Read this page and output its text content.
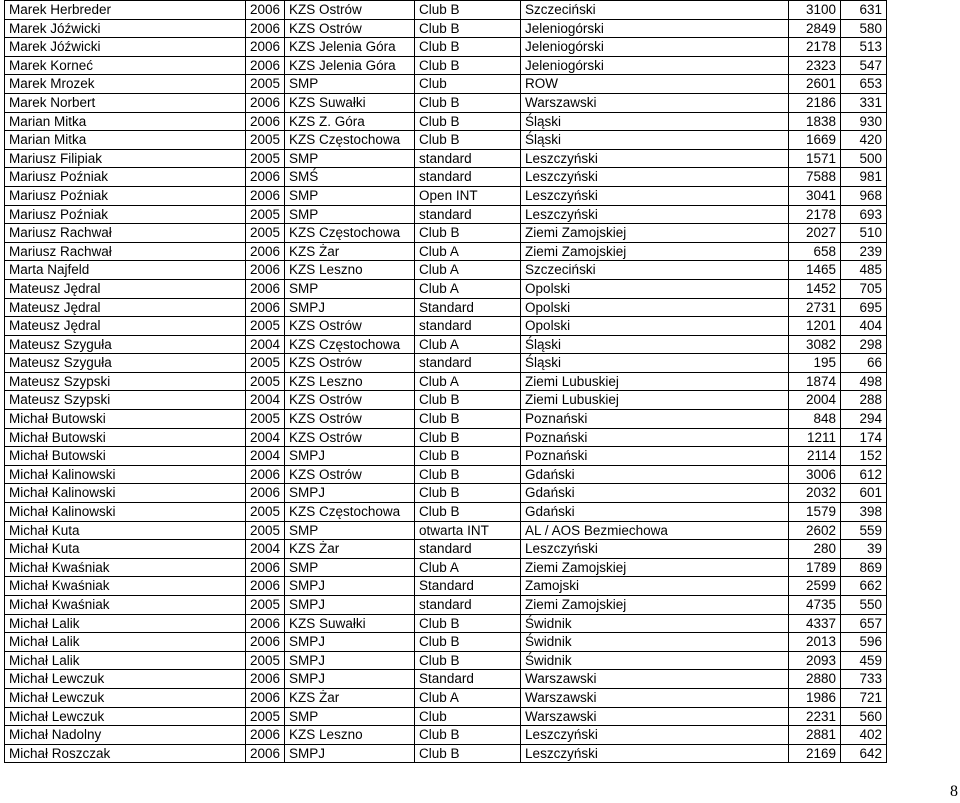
Marek Herbreder	2006	KZS Ostrów	Club B	Szczeciński	3100	631
Marek Jóźwicki	2006	KZS Ostrów	Club B	Jeleniogórski	2849	580
Marek Jóźwicki	2006	KZS Jelenia Góra	Club B	Jeleniogórski	2178	513
Marek Korneć	2006	KZS Jelenia Góra	Club B	Jeleniogórski	2323	547
Marek Mrozek	2005	SMP	Club	ROW	2601	653
Marek Norbert	2006	KZS Suwałki	Club B	Warszawski	2186	331
Marian Mitka	2006	KZS Z. Góra	Club B	Śląski	1838	930
Marian Mitka	2005	KZS Częstochowa	Club B	Śląski	1669	420
Mariusz Filipiak	2005	SMP	standard	Leszczyński	1571	500
Mariusz Poźniak	2006	SMŚ	standard	Leszczyński	7588	981
Mariusz Poźniak	2006	SMP	Open INT	Leszczyński	3041	968
Mariusz Poźniak	2005	SMP	standard	Leszczyński	2178	693
Mariusz Rachwał	2005	KZS Częstochowa	Club B	Ziemi Zamojskiej	2027	510
Mariusz Rachwał	2006	KZS Żar	Club A	Ziemi Zamojskiej	658	239
Marta Najfeld	2006	KZS Leszno	Club A	Szczeciński	1465	485
Mateusz Jędral	2006	SMP	Club A	Opolski	1452	705
Mateusz Jędral	2006	SMPJ	Standard	Opolski	2731	695
Mateusz Jędral	2005	KZS Ostrów	standard	Opolski	1201	404
Mateusz Szyguła	2004	KZS Częstochowa	Club A	Śląski	3082	298
Mateusz Szyguła	2005	KZS Ostrów	standard	Śląski	195	66
Mateusz Szypski	2005	KZS Leszno	Club A	Ziemi Lubuskiej	1874	498
Mateusz Szypski	2004	KZS Ostrów	Club B	Ziemi Lubuskiej	2004	288
Michał Butowski	2005	KZS Ostrów	Club B	Poznański	848	294
Michał Butowski	2004	KZS Ostrów	Club B	Poznański	1211	174
Michał Butowski	2004	SMPJ	Club B	Poznański	2114	152
Michał Kalinowski	2006	KZS Ostrów	Club B	Gdański	3006	612
Michał Kalinowski	2006	SMPJ	Club B	Gdański	2032	601
Michał Kalinowski	2005	KZS Częstochowa	Club B	Gdański	1579	398
Michał Kuta	2005	SMP	otwarta INT	AL / AOS Bezmiechowa	2602	559
Michał Kuta	2004	KZS Żar	standard	Leszczyński	280	39
Michał Kwaśniak	2006	SMP	Club A	Ziemi Zamojskiej	1789	869
Michał Kwaśniak	2006	SMPJ	Standard	Zamojski	2599	662
Michał Kwaśniak	2005	SMPJ	standard	Ziemi Zamojskiej	4735	550
Michał Lalik	2006	KZS Suwałki	Club B	Świdnik	4337	657
Michał Lalik	2006	SMPJ	Club B	Świdnik	2013	596
Michał Lalik	2005	SMPJ	Club B	Świdnik	2093	459
Michał Lewczuk	2006	SMPJ	Standard	Warszawski	2880	733
Michał Lewczuk	2006	KZS Żar	Club A	Warszawski	1986	721
Michał Lewczuk	2005	SMP	Club	Warszawski	2231	560
Michał Nadolny	2006	KZS Leszno	Club B	Leszczyński	2881	402
Michał Roszczak	2006	SMPJ	Club B	Leszczyński	2169	642
8
